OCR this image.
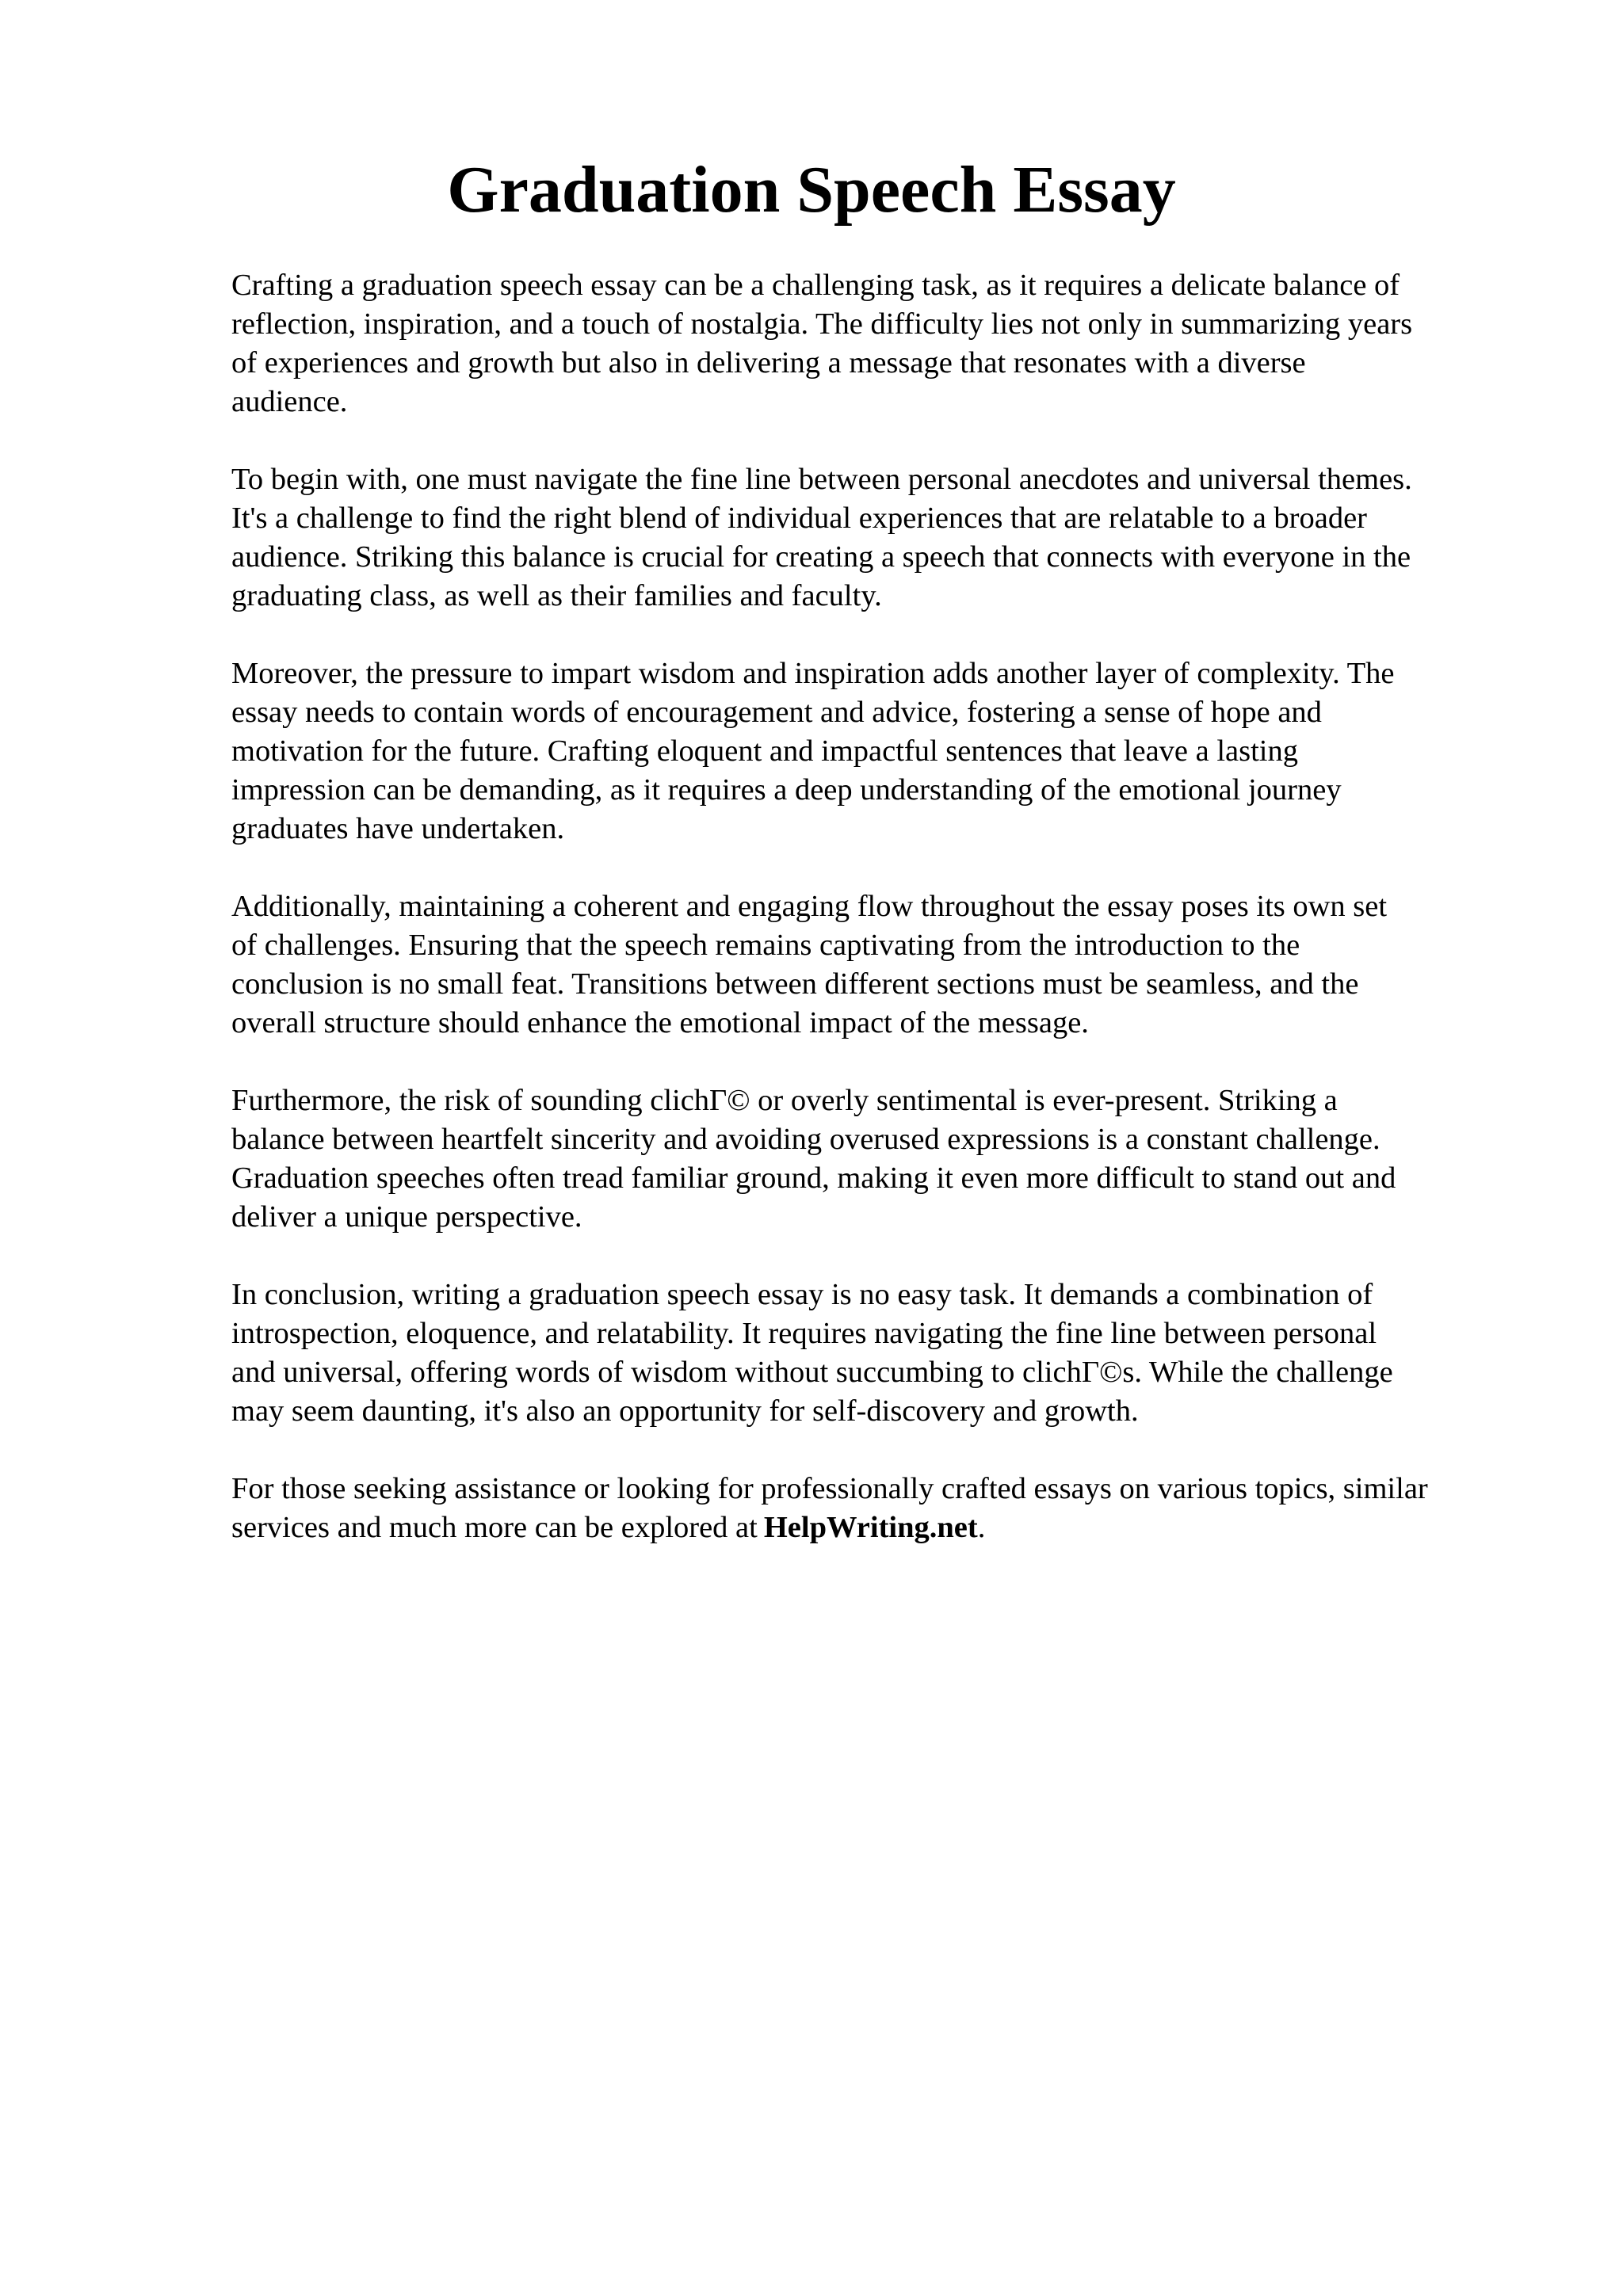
Graduation Speech Essay

Crafting a graduation speech essay can be a challenging task, as it requires a delicate balance of
reflection, inspiration, and a touch of nostalgia. The difficulty lies not only in summarizing years
of experiences and growth but also in delivering a message that resonates with a diverse
audience.

To begin with, one must navigate the fine line between personal anecdotes and universal themes.
It's a challenge to find the right blend of individual experiences that are relatable to a broader
audience. Striking this balance is crucial for creating a speech that connects with everyone in the
graduating class, as well as their families and faculty.

Moreover, the pressure to impart wisdom and inspiration adds another layer of complexity. The
essay needs to contain words of encouragement and advice, fostering a sense of hope and
motivation for the future. Crafting eloquent and impactful sentences that leave a lasting
impression can be demanding, as it requires a deep understanding of the emotional journey
graduates have undertaken.

Additionally, maintaining a coherent and engaging flow throughout the essay poses its own set
of challenges. Ensuring that the speech remains captivating from the introduction to the
conclusion is no small feat. Transitions between different sections must be seamless, and the
overall structure should enhance the emotional impact of the message.

Furthermore, the risk of sounding clichГ© or overly sentimental is ever-present. Striking a
balance between heartfelt sincerity and avoiding overused expressions is a constant challenge.
Graduation speeches often tread familiar ground, making it even more difficult to stand out and
deliver a unique perspective.

In conclusion, writing a graduation speech essay is no easy task. It demands a combination of
introspection, eloquence, and relatability. It requires navigating the fine line between personal
and universal, offering words of wisdom without succumbing to clichГ©s. While the challenge
may seem daunting, it's also an opportunity for self-discovery and growth.

For those seeking assistance or looking for professionally crafted essays on various topics, similar
services and much more can be explored at HelpWriting.net.
